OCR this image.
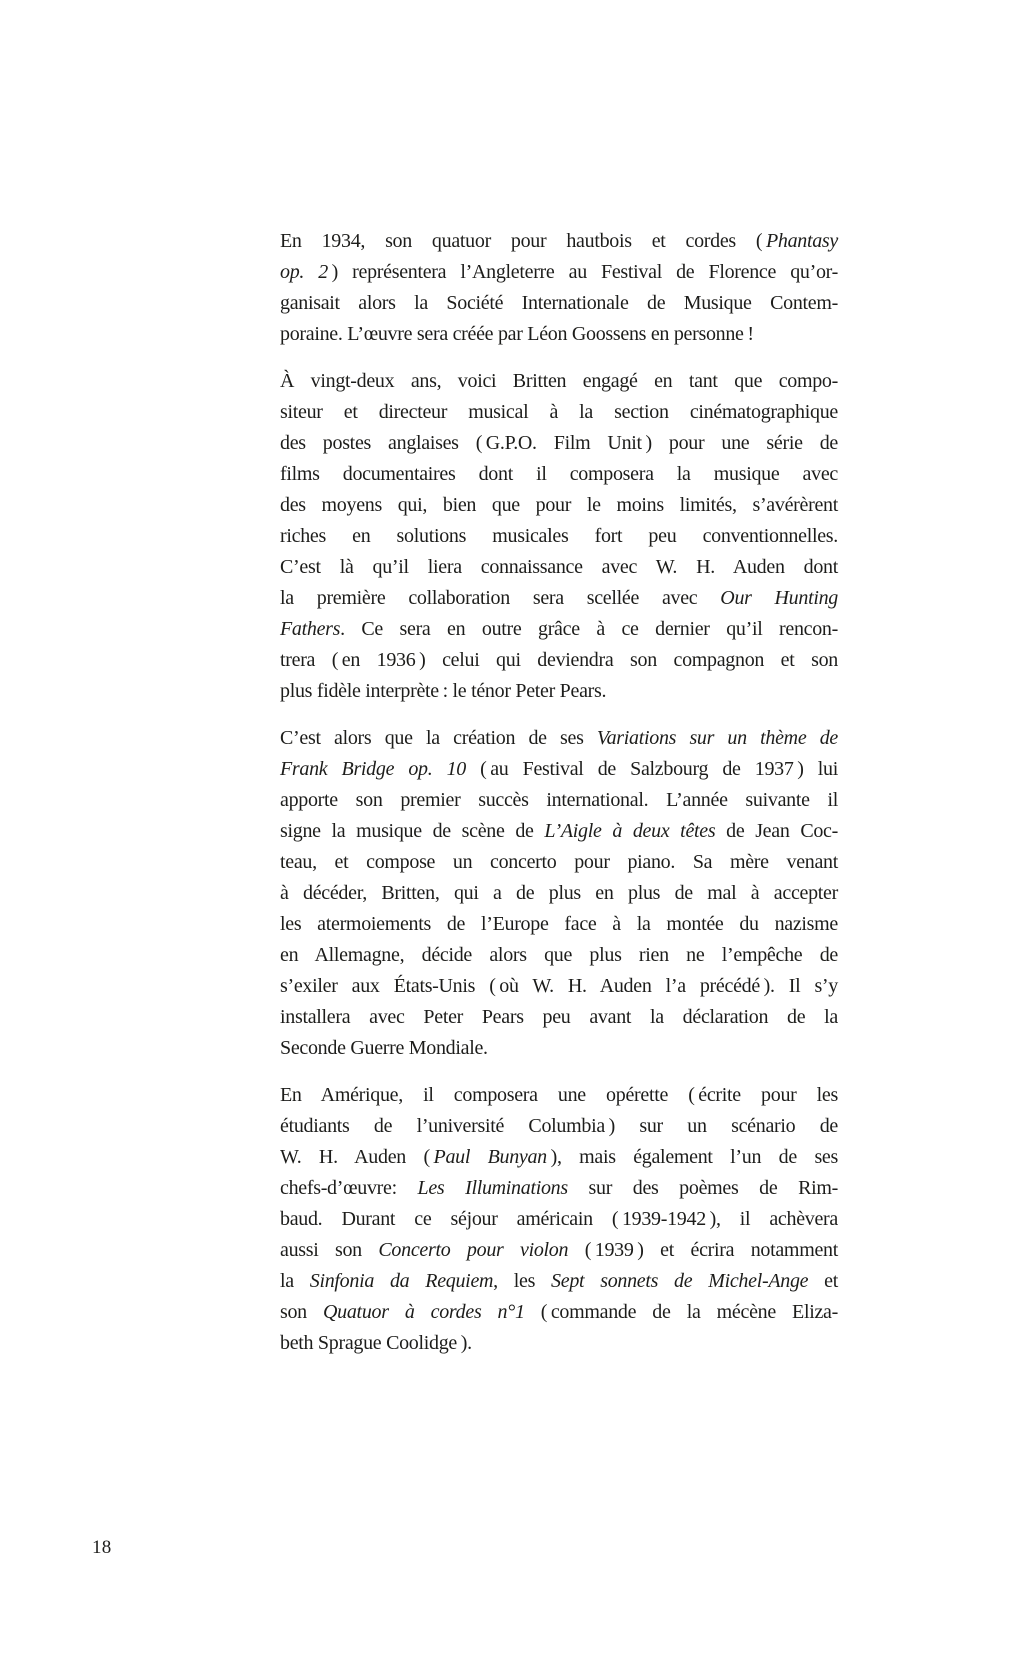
En 1934, son quatuor pour hautbois et cordes ( Phantasy
op. 2 ) représentera l’Angleterre au Festival de Florence qu’or-
ganisait alors la Société Internationale de Musique Contem-
poraine. L’œuvre sera créée par Léon Goossens en personne !

À vingt-deux ans, voici Britten engagé en tant que compo-
siteur et directeur musical à la section cinématographique
des postes anglaises ( G.P.O. Film Unit ) pour une série de
films documentaires dont il composera la musique avec
des moyens qui, bien que pour le moins limités, s’avérèrent
riches en solutions musicales fort peu conventionnelles.
C’est là qu’il liera connaissance avec W. H. Auden dont
la première collaboration sera scellée avec Our Hunting
Fathers. Ce sera en outre grâce à ce dernier qu’il rencon-
trera ( en 1936 ) celui qui deviendra son compagnon et son
plus fidèle interprète : le ténor Peter Pears.

C’est alors que la création de ses Variations sur un thème de
Frank Bridge op. 10 ( au Festival de Salzbourg de 1937 ) lui
apporte son premier succès international. L’année suivante il
signe la musique de scène de L’Aigle à deux têtes de Jean Coc-
teau, et compose un concerto pour piano. Sa mère venant
à décéder, Britten, qui a de plus en plus de mal à accepter
les atermoiements de l’Europe face à la montée du nazisme
en Allemagne, décide alors que plus rien ne l’empêche de
s’exiler aux États-Unis ( où W. H. Auden l’a précédé ). Il s’y
installera avec Peter Pears peu avant la déclaration de la
Seconde Guerre Mondiale.

En Amérique, il composera une opérette ( écrite pour les
étudiants de l’université Columbia ) sur un scénario de
W. H. Auden ( Paul Bunyan ), mais également l’un de ses
chefs-d’œuvre: Les Illuminations sur des poèmes de Rim-
baud. Durant ce séjour américain ( 1939-1942 ), il achèvera
aussi son Concerto pour violon ( 1939 ) et écrira notamment
la Sinfonia da Requiem, les Sept sonnets de Michel-Ange et
son Quatuor à cordes n°1 ( commande de la mécène Eliza-
beth Sprague Coolidge ).

18
